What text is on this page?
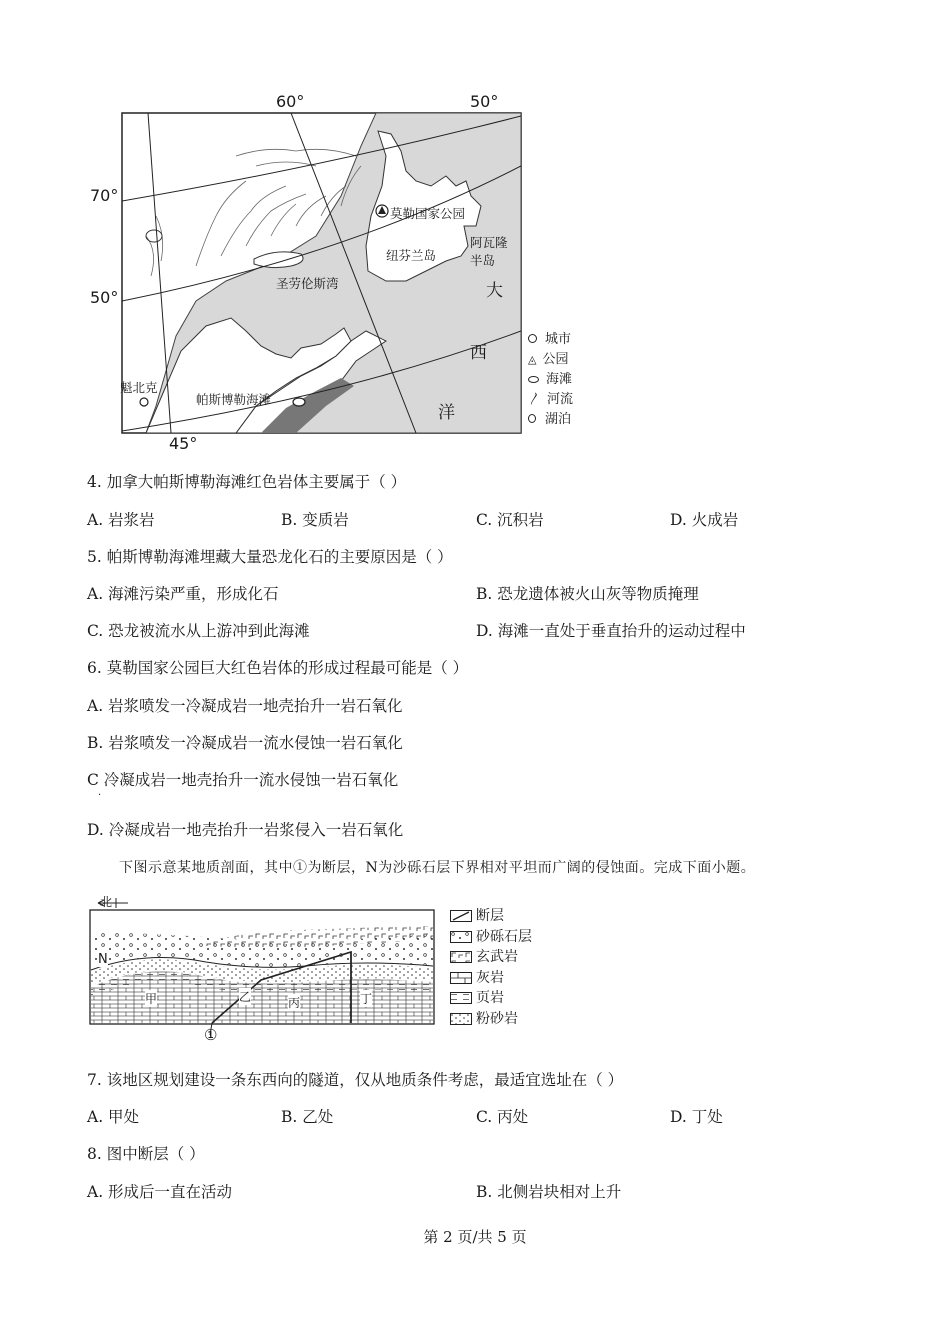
60°	50°
45°
70°
50°
莫勒国家公园
纽芬兰岛
阿瓦隆半岛
圣劳伦斯湾
魁北克
帕斯博勒海滩
大
西
洋
城市
◬ 公园
海滩
〳 河流
湖泊
4. 加拿大帕斯博勒海滩红色岩体主要属于（ ）
A. 岩浆岩	B. 变质岩	C. 沉积岩	D. 火成岩
5. 帕斯博勒海滩埋藏大量恐龙化石的主要原因是（ ）
A. 海滩污染严重，形成化石	B. 恐龙遗体被火山灰等物质掩理
C. 恐龙被流水从上游冲到此海滩	D. 海滩一直处于垂直抬升的运动过程中
6. 莫勒国家公园巨大红色岩体的形成过程最可能是（ ）
A. 岩浆喷发一冷凝成岩一地壳抬升一岩石氧化
B. 岩浆喷发一冷凝成岩一流水侵蚀一岩石氧化
C 冷凝成岩一地壳抬升一流水侵蚀一岩石氧化
·
D. 冷凝成岩一地壳抬升一岩浆侵入一岩石氧化
下图示意某地质剖面，其中①为断层，N为沙砾石层下界相对平坦而广阔的侵蚀面。完成下面小题。
北
N
甲	乙	丙	丁
①
断层
砂砾石层
玄武岩
灰岩
页岩
粉砂岩
7. 该地区规划建设一条东西向的隧道，仅从地质条件考虑，最适宜选址在（ ）
A. 甲处	B. 乙处	C. 丙处	D. 丁处
8. 图中断层（ ）
A. 形成后一直在活动	B. 北侧岩块相对上升
第 2 页/共 5 页
